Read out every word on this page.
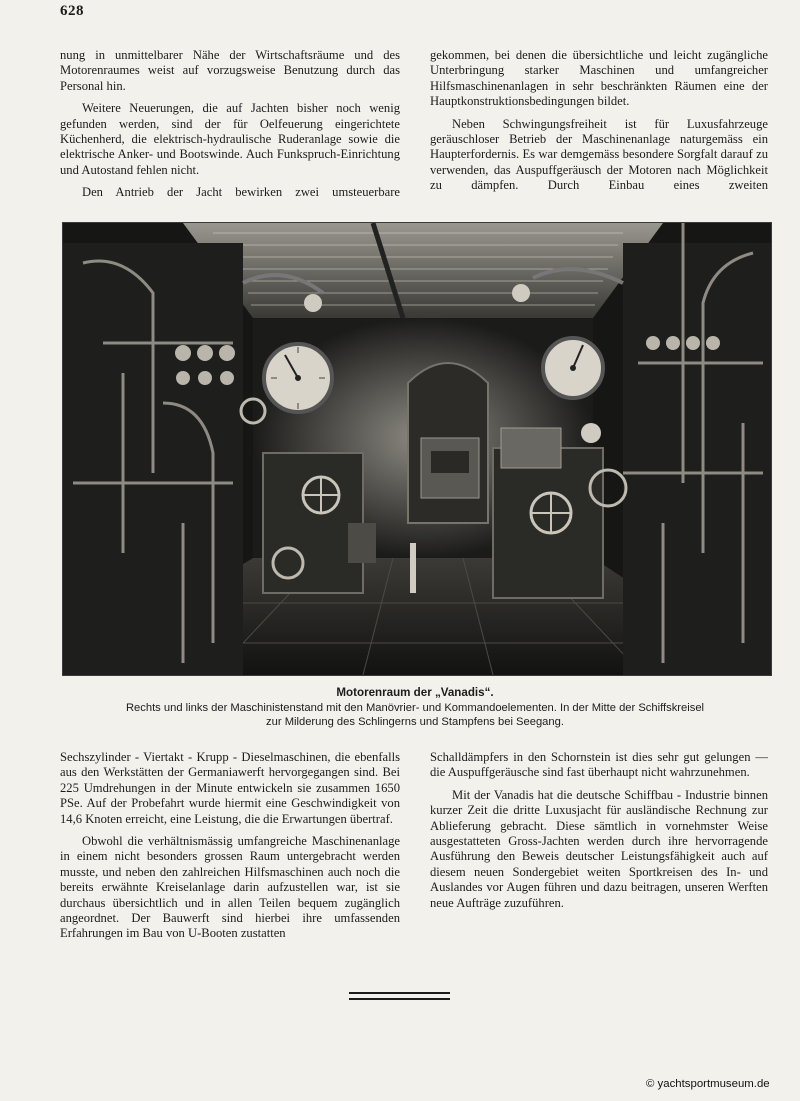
628

nung in unmittelbarer Nähe der Wirtschaftsräume und des Motorenraumes weist auf vorzugsweise Benutzung durch das Personal hin.

Weitere Neuerungen, die auf Jachten bisher noch wenig gefunden werden, sind der für Oelfeuerung eingerichtete Küchenherd, die elektrisch-hydraulische Ruderanlage sowie die elektrische Anker- und Bootswinde. Auch Funkspruch-Einrichtung und Autostand fehlen nicht.

Den Antrieb der Jacht bewirken zwei umsteuerbare

gekommen, bei denen die übersichtliche und leicht zugängliche Unterbringung starker Maschinen und umfangreicher Hilfsmaschinenanlagen in sehr beschränkten Räumen eine der Hauptkonstruktionsbedingungen bildet.

Neben Schwingungsfreiheit ist für Luxusfahrzeuge geräuschloser Betrieb der Maschinenanlage naturgemäss ein Haupterfordernis. Es war demgemäss besondere Sorgfalt darauf zu verwenden, das Auspuffgeräusch der Motoren nach Möglichkeit zu dämpfen. Durch Einbau eines zweiten

Motorenraum der „Vanadis“.
Rechts und links der Maschinistenstand mit den Manövrier- und Kommandoelementen. In der Mitte der Schiffskreisel
zur Milderung des Schlingerns und Stampfens bei Seegang.

Sechszylinder - Viertakt - Krupp - Dieselmaschinen, die ebenfalls aus den Werkstätten der Germaniawerft hervorgegangen sind. Bei 225 Umdrehungen in der Minute entwickeln sie zusammen 1650 PSe. Auf der Probefahrt wurde hiermit eine Geschwindigkeit von 14,6 Knoten erreicht, eine Leistung, die die Erwartungen übertraf.

Obwohl die verhältnismässig umfangreiche Maschinenanlage in einem nicht besonders grossen Raum untergebracht werden musste, und neben den zahlreichen Hilfsmaschinen auch noch die bereits erwähnte Kreiselanlage darin aufzustellen war, ist sie durchaus übersichtlich und in allen Teilen bequem zugänglich angeordnet. Der Bauwerft sind hierbei ihre umfassenden Erfahrungen im Bau von U-Booten zustatten

Schalldämpfers in den Schornstein ist dies sehr gut gelungen — die Auspuffgeräusche sind fast überhaupt nicht wahrzunehmen.

Mit der Vanadis hat die deutsche Schiffbau - Industrie binnen kurzer Zeit die dritte Luxusjacht für ausländische Rechnung zur Ablieferung gebracht. Diese sämtlich in vornehmster Weise ausgestatteten Gross-Jachten werden durch ihre hervorragende Ausführung den Beweis deutscher Leistungsfähigkeit auch auf diesem neuen Sondergebiet weiten Sportkreisen des In- und Auslandes vor Augen führen und dazu beitragen, unseren Werften neue Aufträge zuzuführen.

© yachtsportmuseum.de
